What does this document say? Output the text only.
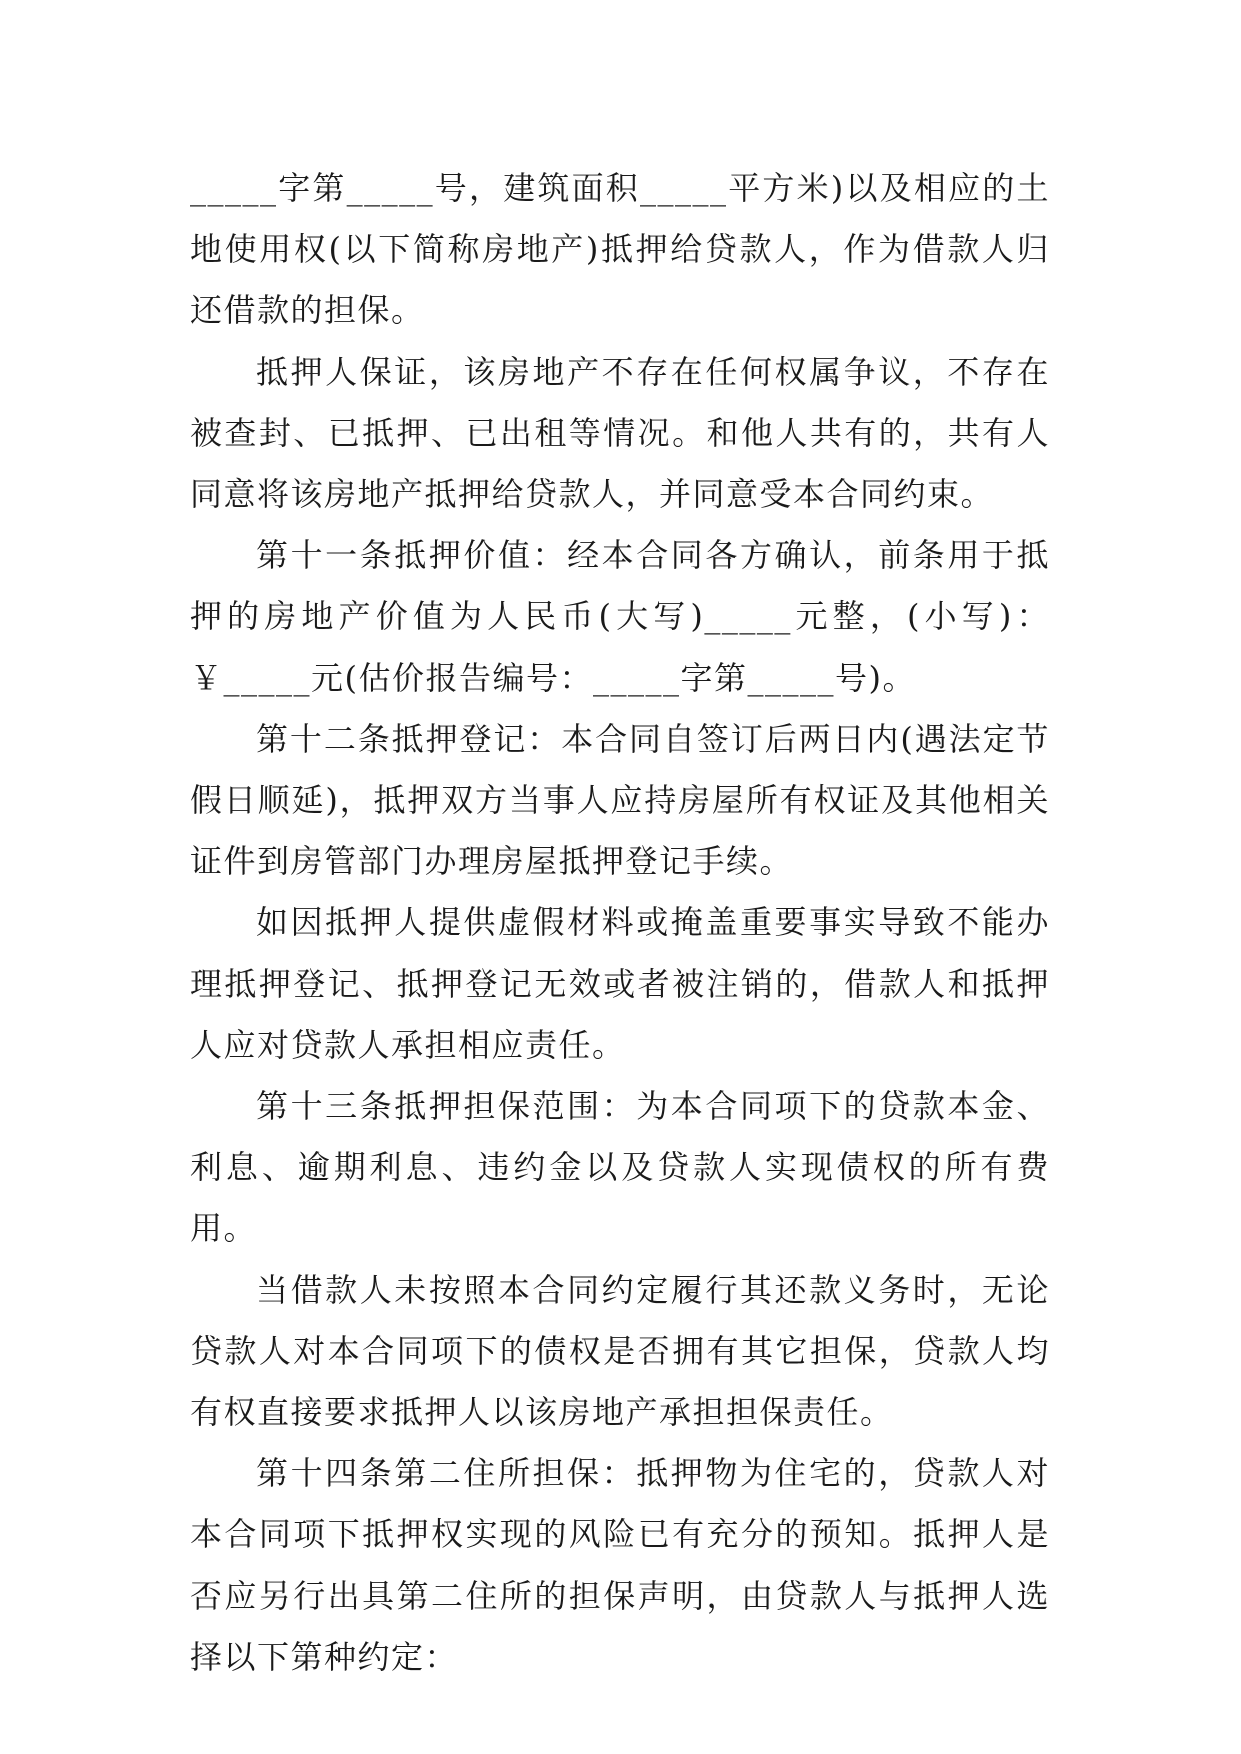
_____字第_____号，建筑面积_____平方米)以及相应的土地使用权(以下简称房地产)抵押给贷款人，作为借款人归还借款的担保。

抵押人保证，该房地产不存在任何权属争议，不存在被查封、已抵押、已出租等情况。和他人共有的，共有人同意将该房地产抵押给贷款人，并同意受本合同约束。

第十一条抵押价值：经本合同各方确认，前条用于抵押的房地产价值为人民币(大写)_____元整，(小写)：￥_____元(估价报告编号：_____字第_____号)。

第十二条抵押登记：本合同自签订后两日内(遇法定节假日顺延)，抵押双方当事人应持房屋所有权证及其他相关证件到房管部门办理房屋抵押登记手续。

如因抵押人提供虚假材料或掩盖重要事实导致不能办理抵押登记、抵押登记无效或者被注销的，借款人和抵押人应对贷款人承担相应责任。

第十三条抵押担保范围：为本合同项下的贷款本金、利息、逾期利息、违约金以及贷款人实现债权的所有费用。

当借款人未按照本合同约定履行其还款义务时，无论贷款人对本合同项下的债权是否拥有其它担保，贷款人均有权直接要求抵押人以该房地产承担担保责任。

第十四条第二住所担保：抵押物为住宅的，贷款人对本合同项下抵押权实现的风险已有充分的预知。抵押人是否应另行出具第二住所的担保声明，由贷款人与抵押人选择以下第种约定：
